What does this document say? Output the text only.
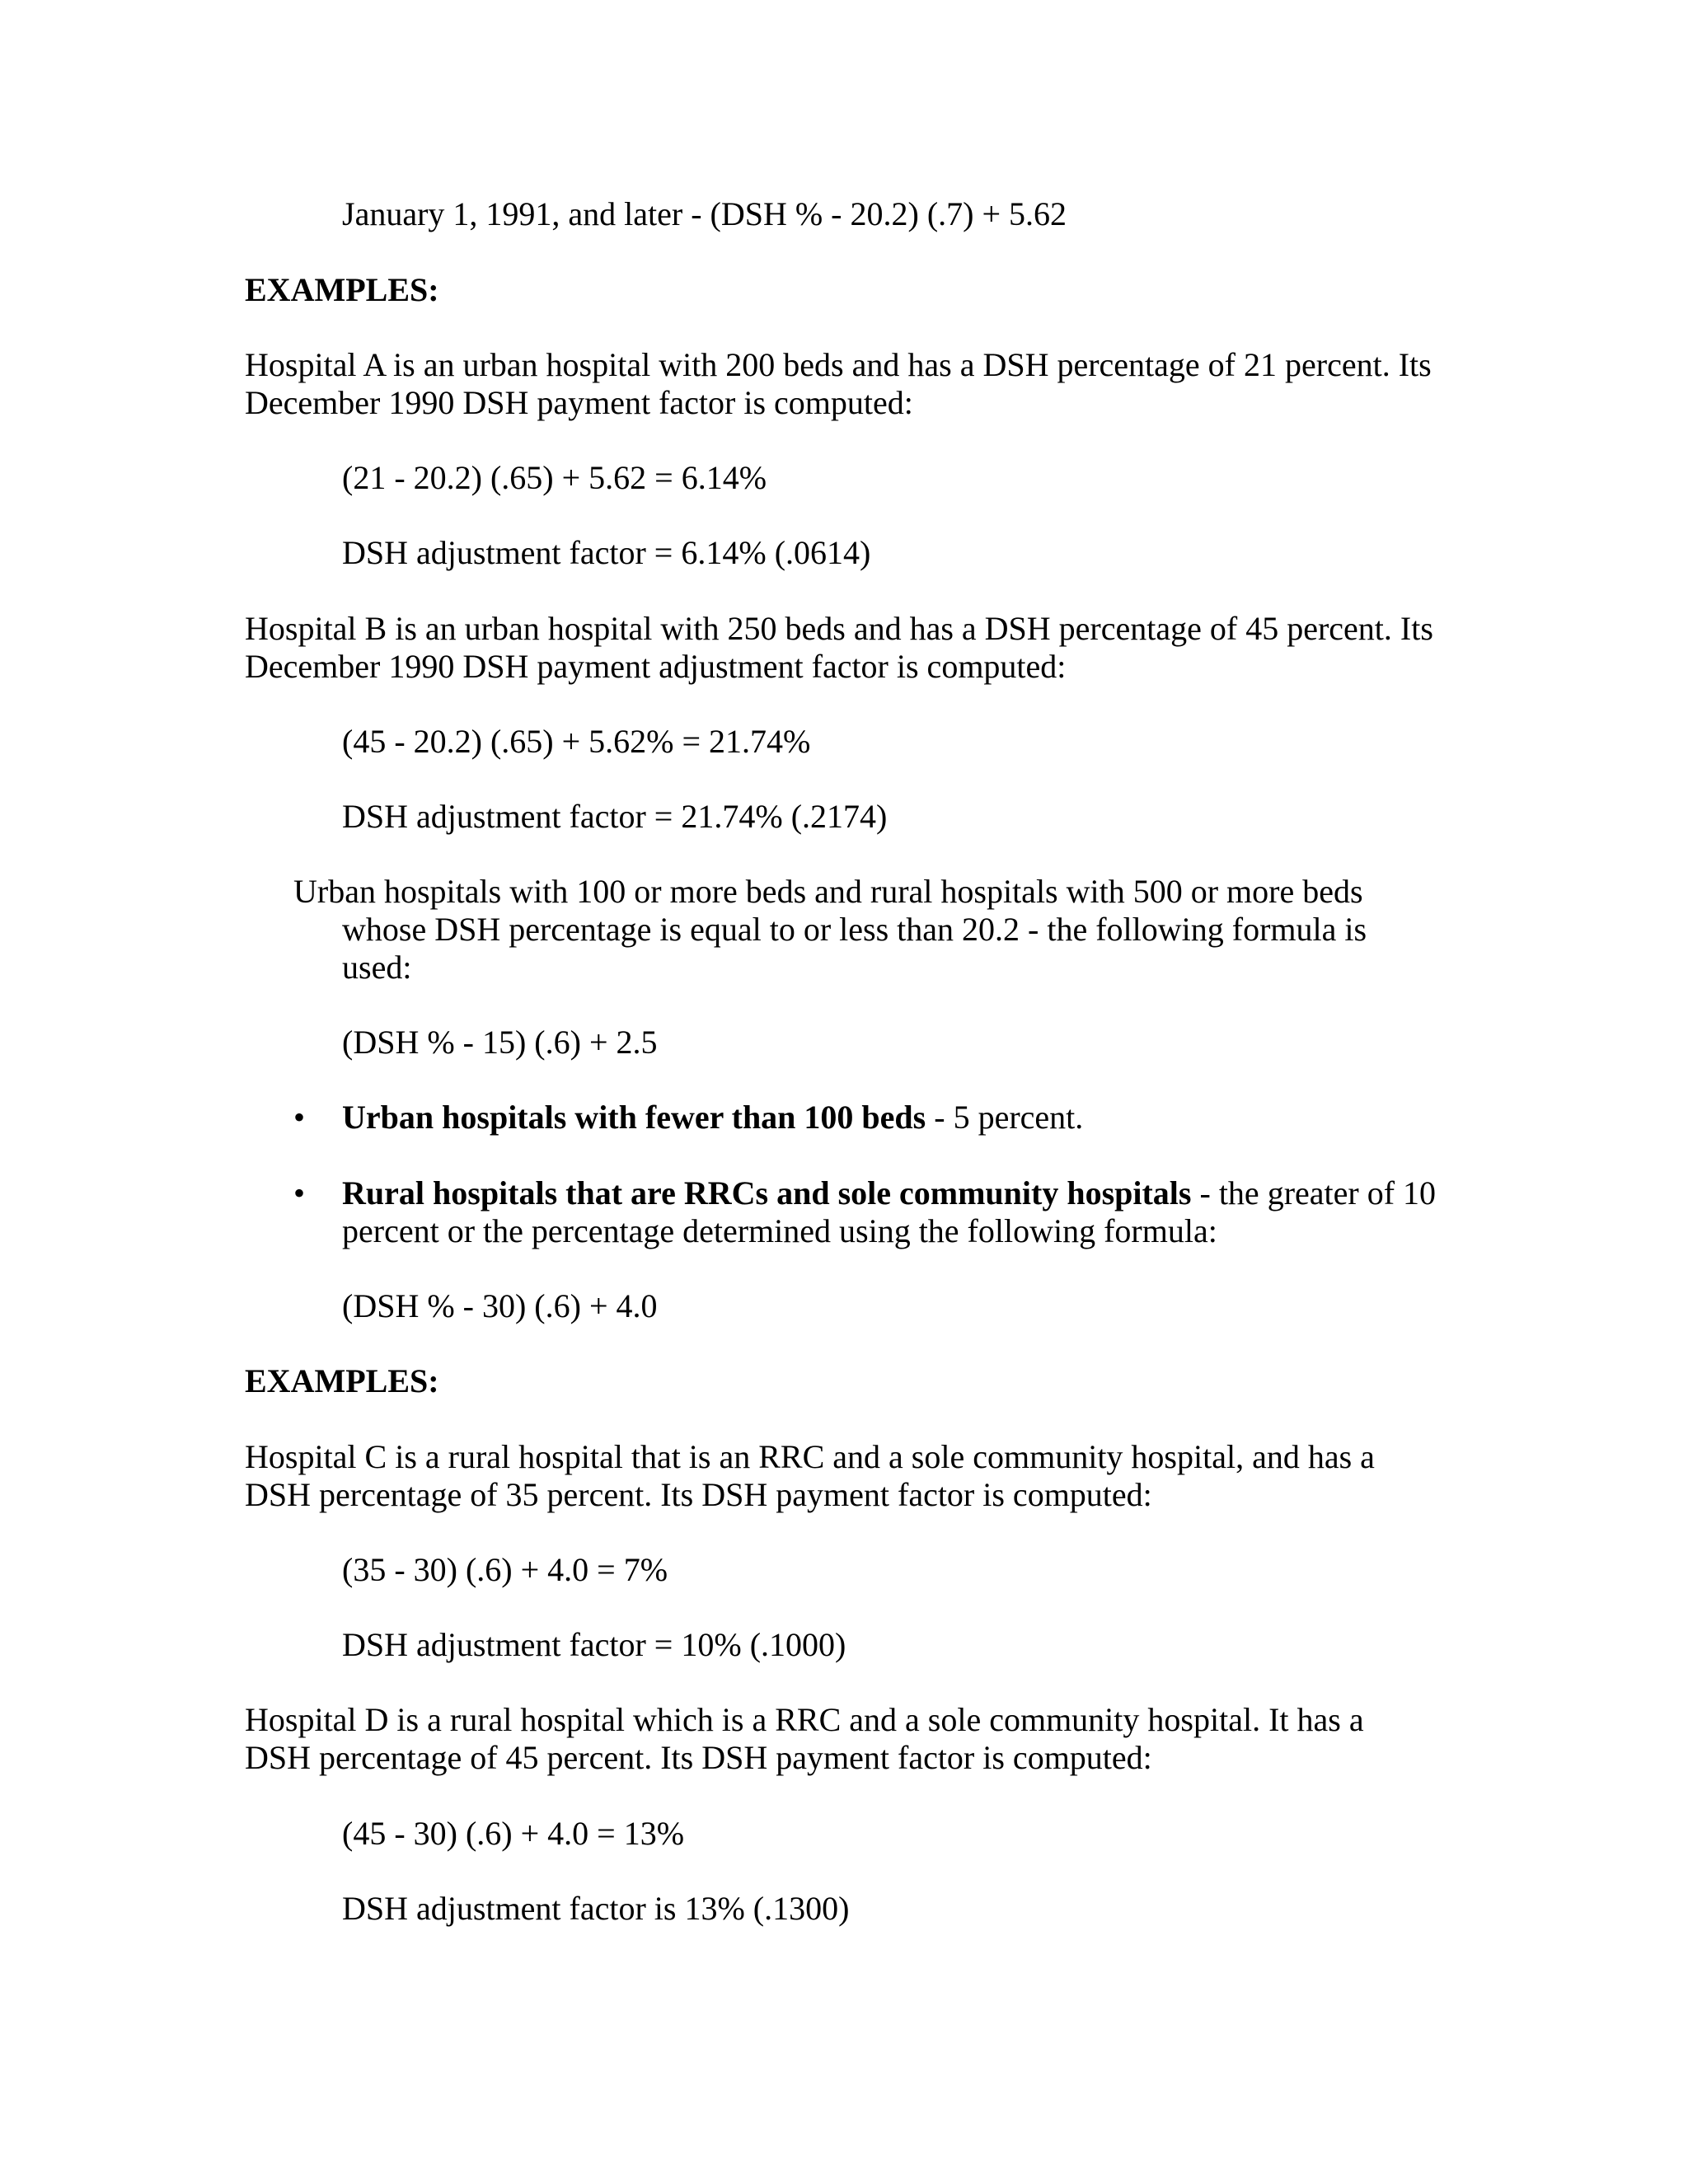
January 1, 1991, and later - (DSH % - 20.2) (.7) + 5.62
EXAMPLES:
Hospital A is an urban hospital with 200 beds and has a DSH percentage of 21 percent. Its
December 1990 DSH payment factor is computed:
(21 - 20.2) (.65) + 5.62 = 6.14%
DSH adjustment factor = 6.14% (.0614)
Hospital B is an urban hospital with 250 beds and has a DSH percentage of 45 percent. Its
December 1990 DSH payment adjustment factor is computed:
(45 - 20.2) (.65) + 5.62% = 21.74%
DSH adjustment factor = 21.74% (.2174)
Urban hospitals with 100 or more beds and rural hospitals with 500 or more beds
whose DSH percentage is equal to or less than 20.2 - the following formula is
used:
(DSH % - 15) (.6) + 2.5
• Urban hospitals with fewer than 100 beds - 5 percent.
• Rural hospitals that are RRCs and sole community hospitals - the greater of 10
percent or the percentage determined using the following formula:
(DSH % - 30) (.6) + 4.0
EXAMPLES:
Hospital C is a rural hospital that is an RRC and a sole community hospital, and has a
DSH percentage of 35 percent. Its DSH payment factor is computed:
(35 - 30) (.6) + 4.0 = 7%
DSH adjustment factor = 10% (.1000)
Hospital D is a rural hospital which is a RRC and a sole community hospital. It has a
DSH percentage of 45 percent. Its DSH payment factor is computed:
(45 - 30) (.6) + 4.0 = 13%
DSH adjustment factor is 13% (.1300)
